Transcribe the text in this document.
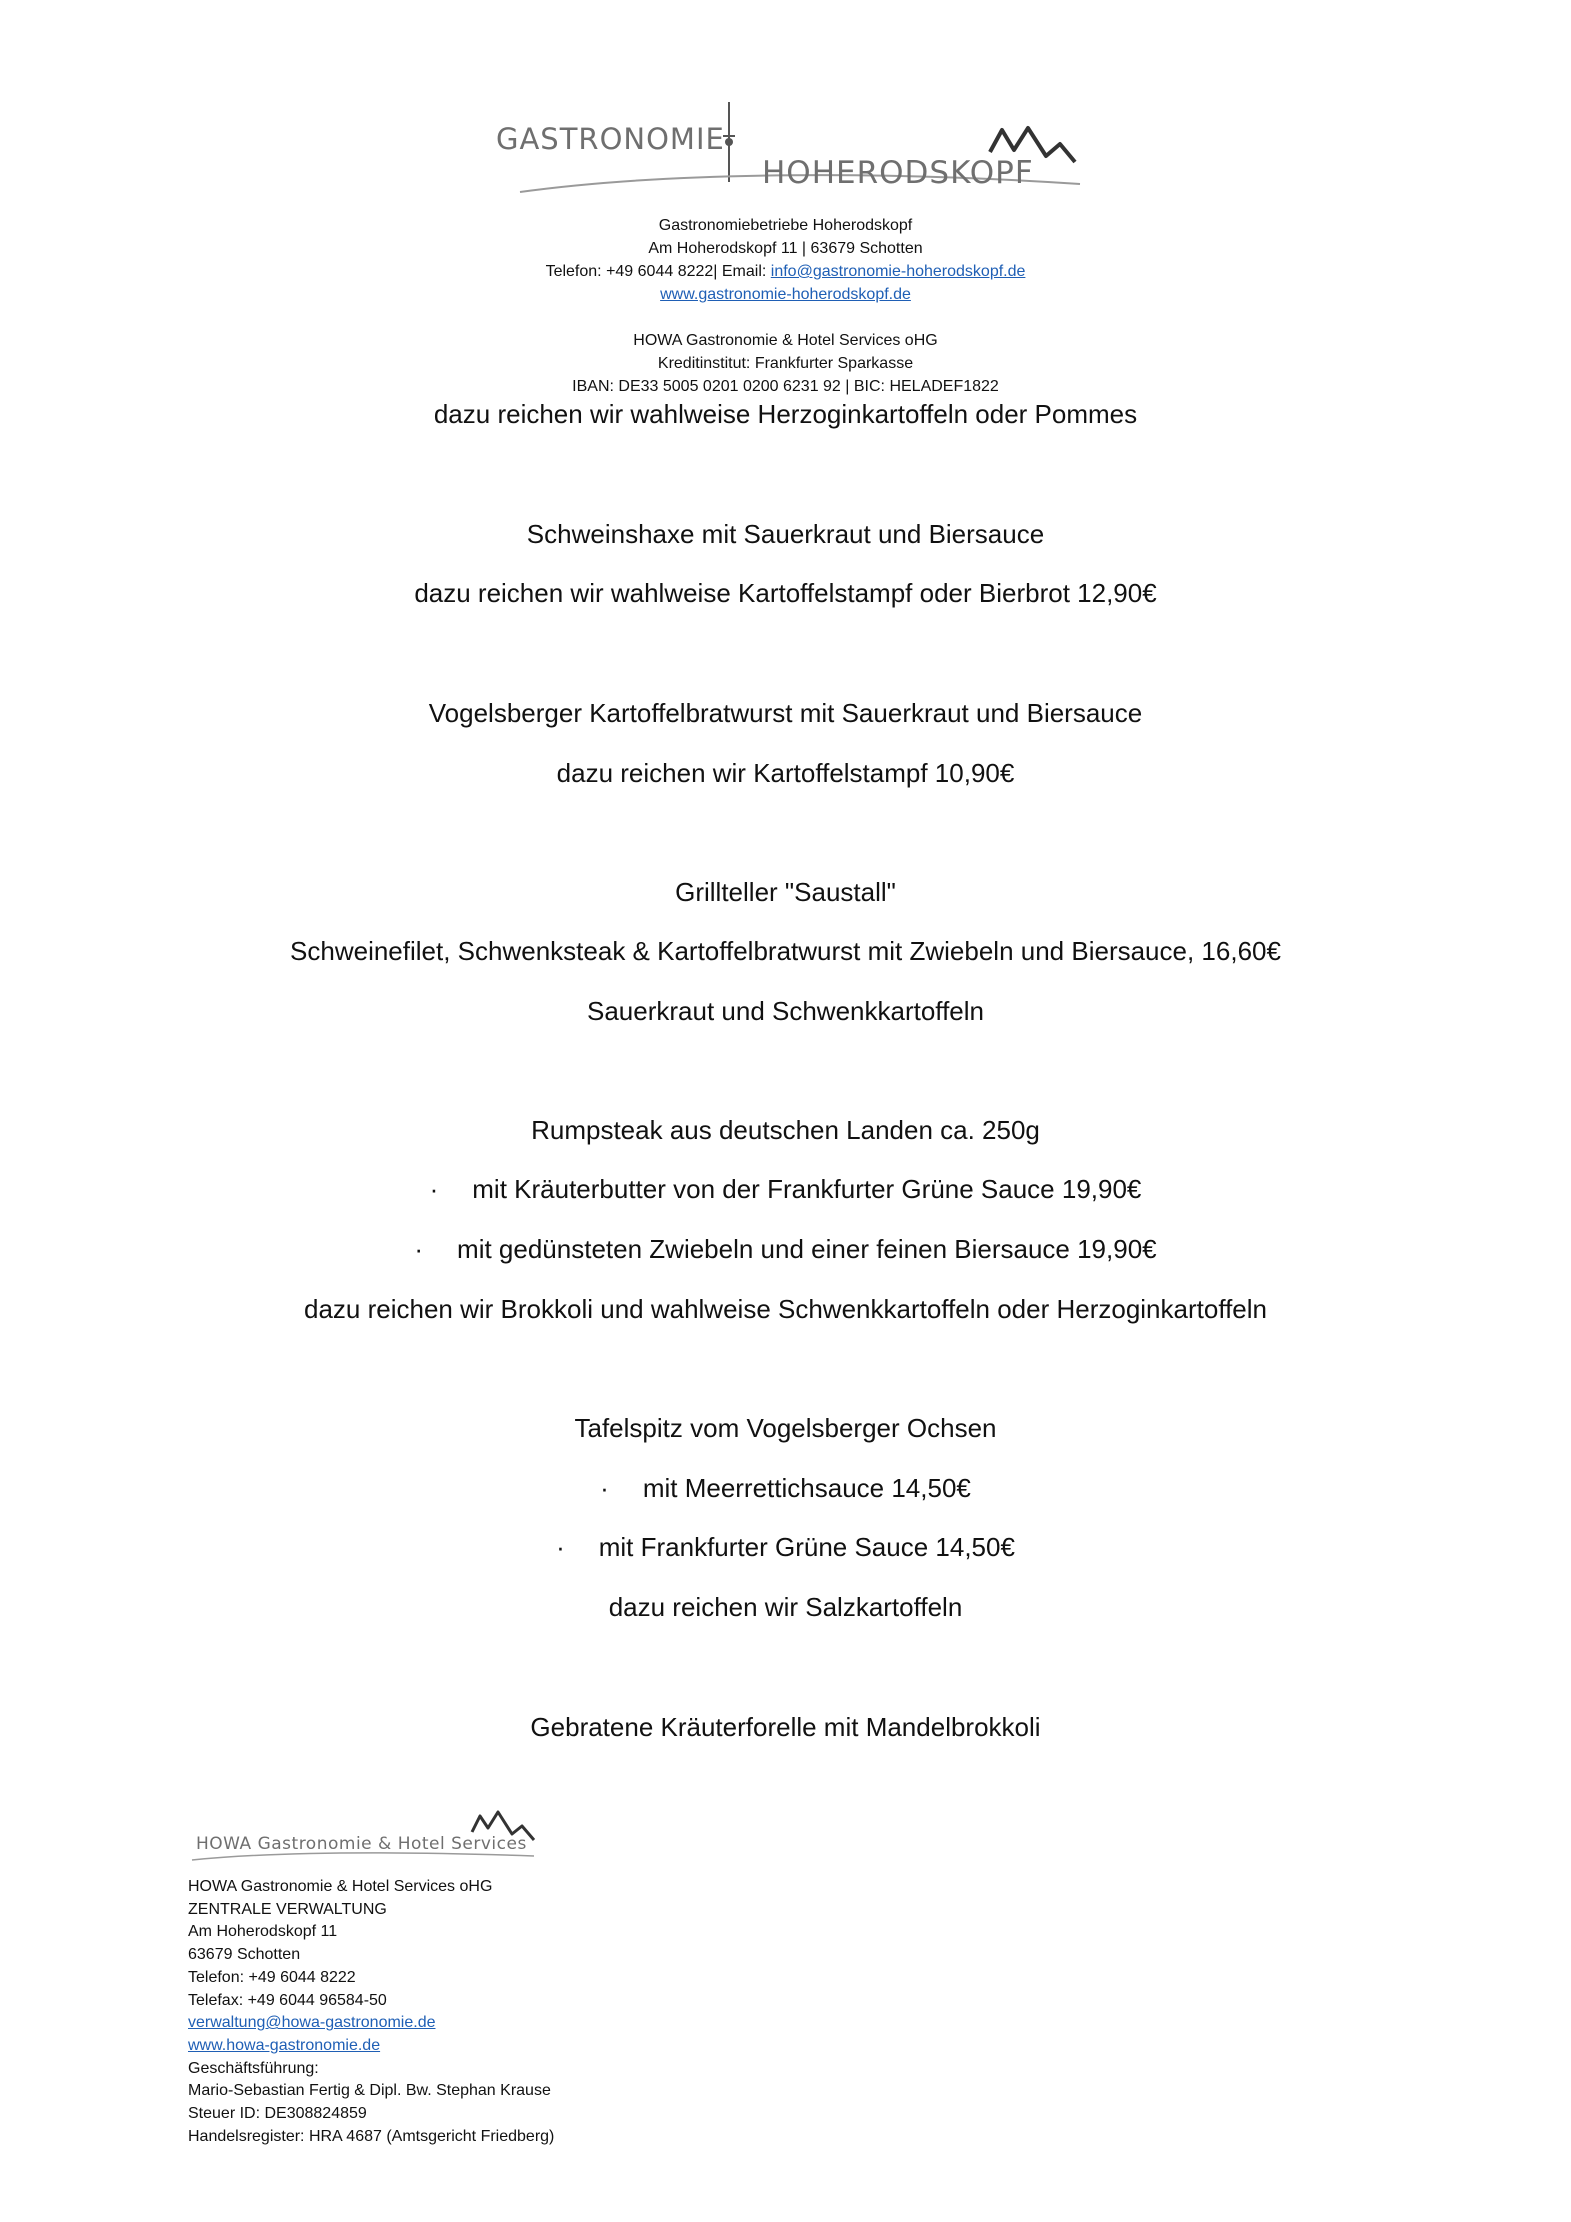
GASTRONOMIE
HOHERODSKOPF
Gastronomiebetriebe Hoherodskopf
Am Hoherodskopf 11 | 63679 Schotten
Telefon: +49 6044 8222| Email: info@gastronomie-hoherodskopf.de
www.gastronomie-hoherodskopf.de
HOWA Gastronomie & Hotel Services oHG
Kreditinstitut: Frankfurter Sparkasse
IBAN: DE33 5005 0201 0200 6231 92 | BIC: HELADEF1822
dazu reichen wir wahlweise Herzoginkartoffeln oder Pommes
Schweinshaxe mit Sauerkraut und Biersauce
dazu reichen wir wahlweise Kartoffelstampf oder Bierbrot 12,90€
Vogelsberger Kartoffelbratwurst mit Sauerkraut und Biersauce
dazu reichen wir Kartoffelstampf 10,90€
Grillteller "Saustall"
Schweinefilet, Schwenksteak & Kartoffelbratwurst mit Zwiebeln und Biersauce, 16,60€
Sauerkraut und Schwenkkartoffeln
Rumpsteak aus deutschen Landen ca. 250g
· mit Kräuterbutter von der Frankfurter Grüne Sauce 19,90€
· mit gedünsteten Zwiebeln und einer feinen Biersauce 19,90€
dazu reichen wir Brokkoli und wahlweise Schwenkkartoffeln oder Herzoginkartoffeln
Tafelspitz vom Vogelsberger Ochsen
· mit Meerrettichsauce 14,50€
· mit Frankfurter Grüne Sauce 14,50€
dazu reichen wir Salzkartoffeln
Gebratene Kräuterforelle mit Mandelbrokkoli
HOWA Gastronomie & Hotel Services
HOWA Gastronomie & Hotel Services oHG
ZENTRALE VERWALTUNG
Am Hoherodskopf 11
63679 Schotten
Telefon: +49 6044 8222
Telefax: +49 6044 96584-50
verwaltung@howa-gastronomie.de
www.howa-gastronomie.de
Geschäftsführung:
Mario-Sebastian Fertig & Dipl. Bw. Stephan Krause
Steuer ID: DE308824859
Handelsregister: HRA 4687 (Amtsgericht Friedberg)
